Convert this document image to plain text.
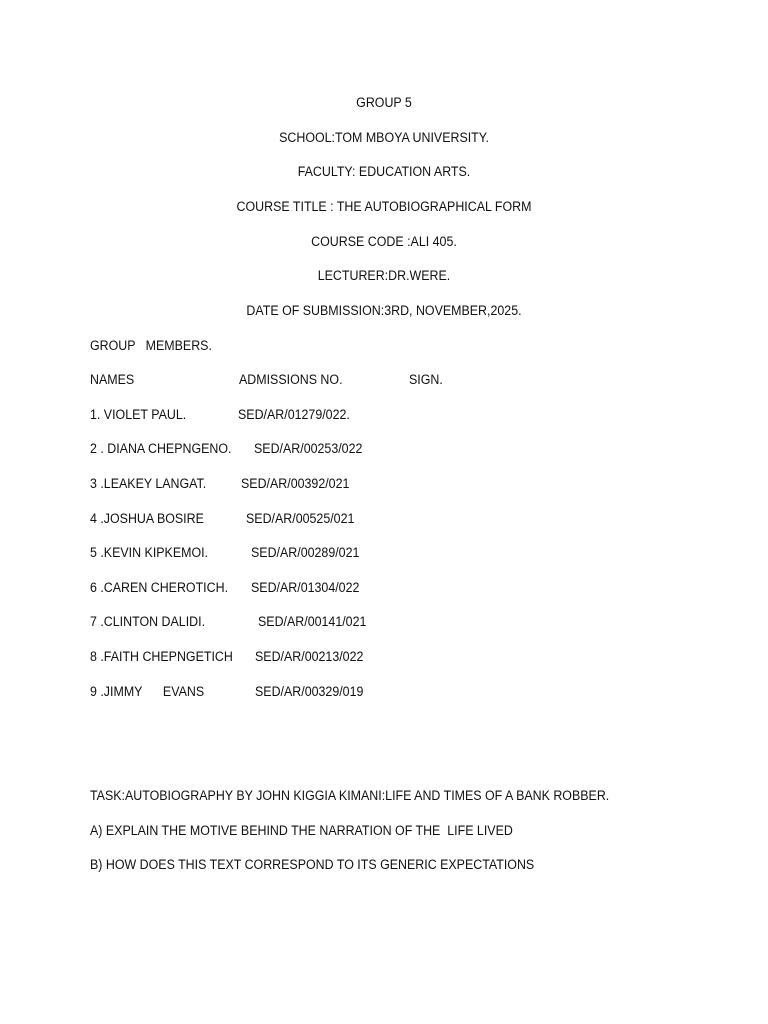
GROUP 5
SCHOOL:TOM MBOYA UNIVERSITY.
FACULTY: EDUCATION ARTS.
COURSE TITLE : THE AUTOBIOGRAPHICAL FORM
COURSE CODE :ALI 405.
LECTURER:DR.WERE.
DATE OF SUBMISSION:3RD, NOVEMBER,2025.
GROUP   MEMBERS.
NAMES	ADMISSIONS NO.	SIGN.
1. VIOLET PAUL.	SED/AR/01279/022.
2 . DIANA CHEPNGENO. SED/AR/00253/022
3 .LEAKEY LANGAT.	SED/AR/00392/021
4 .JOSHUA BOSIRE	SED/AR/00525/021
5 .KEVIN KIPKEMOI.	SED/AR/00289/021
6 .CAREN CHEROTICH. SED/AR/01304/022
7 .CLINTON DALIDI.	SED/AR/00141/021
8 .FAITH CHEPNGETICH SED/AR/00213/022
9 .JIMMY      EVANS	SED/AR/00329/019
TASK:AUTOBIOGRAPHY BY JOHN KIGGIA KIMANI:LIFE AND TIMES OF A BANK ROBBER.
A) EXPLAIN THE MOTIVE BEHIND THE NARRATION OF THE  LIFE LIVED
B) HOW DOES THIS TEXT CORRESPOND TO ITS GENERIC EXPECTATIONS
